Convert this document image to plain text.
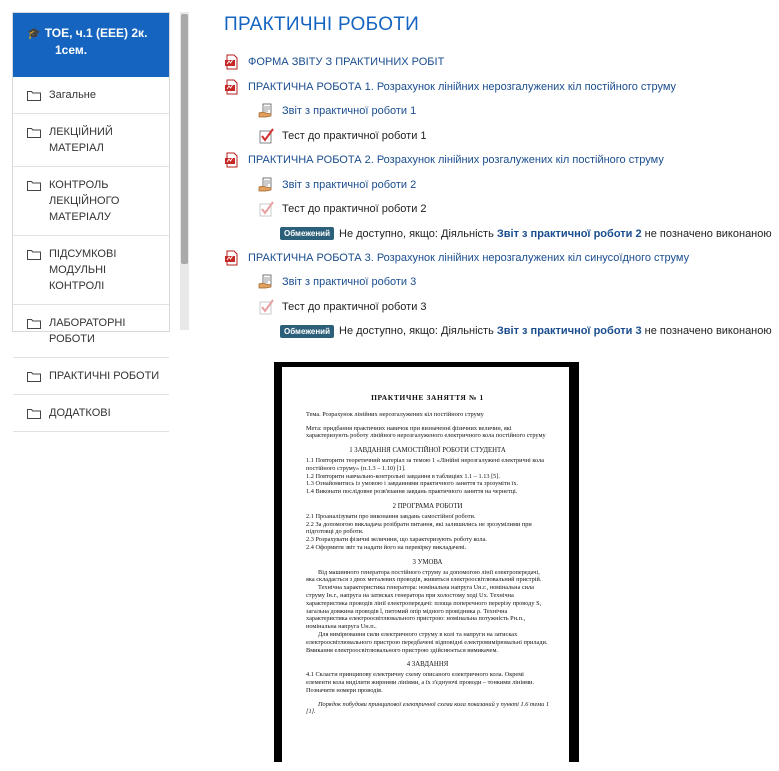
🎓 ТОЕ, ч.1 (ЕЕЕ) 2к.
1сем.
Загальне
ЛЕКЦІЙНИЙ МАТЕРІАЛ
КОНТРОЛЬ ЛЕКЦІЙНОГО МАТЕРІАЛУ
ПІДСУМКОВІ МОДУЛЬНІ КОНТРОЛІ
ЛАБОРАТОРНІ РОБОТИ
ПРАКТИЧНІ РОБОТИ
ДОДАТКОВІ
ПРАКТИЧНІ РОБОТИ
ФОРМА ЗВІТУ З ПРАКТИЧНИХ РОБІТ
ПРАКТИЧНА РОБОТА 1. Розрахунок лінійних нерозгалужених кіл постійного струму
Звіт з практичної роботи 1
Тест до практичної роботи 1
ПРАКТИЧНА РОБОТА 2. Розрахунок лінійних розгалужених кіл постійного струму
Звіт з практичної роботи 2
Тест до практичної роботи 2
Обмежений Не доступно, якщо: Діяльність
Звіт з практичної роботи 2
не позначено виконаною
ПРАКТИЧНА РОБОТА 3. Розрахунок лінійних нерозгалужених кіл синусоїдного струму
Звіт з практичної роботи 3
Тест до практичної роботи 3
Обмежений Не доступно, якщо: Діяльність
Звіт з практичної роботи 3
не позначено виконаною
ПРАКТИЧНЕ ЗАНЯТТЯ № 1

Тема. Розрахунок лінійних нерозгалужених кіл постійного струму

Мета: придбання практичних навичок при визначенні фізичних величин, які характеризують роботу лінійного нерозгалуженого електричного кола постійного струму

1 ЗАВДАННЯ САМОСТІЙНОЇ РОБОТИ СТУДЕНТА

1.1 Повторити теоретичний матеріал за темою 1 «Лінійні нерозгалужені електричні кола постійного струму» (п.1.3 – 1.10) [1].

1.2 Повторити навчально-контрольні завдання в таблиціях 1.1 – 1.13 [5].

1.3 Ознайомитись із умовою і завданнями практичного заняття та зрозуміти їх.

1.4 Виконати послідовне розв'язання завдань практичного заняття на чернетці.

2 ПРОГРАМА РОБОТИ

2.1 Проаналізувати про виконання завдань самостійної роботи.

2.2 За допомогою викладача розібрати питання, які залишились не зрозумілими при підготовці до роботи.

2.3 Розрахувати фізичні величини, що характеризують роботу кола.

2.4 Оформити звіт та надати його на перевірку викладачеві.

3 УМОВА

Від машинного генератора постійного струму за допомогою лінії електропередачі, яка складається з двох металевих проводів, живиться електроосвітлювальний пристрій.

Технічна характеристика генератора: номінальна напруга Uн.г., номінальна сила струму Iн.г., напруга на затисках генератора при холостому ході Uх. Технічна характеристика проводів лінії електропередачі: площа поперечного перерізу проводу S, загальна довжина проводів l, питомий опір мідного провідника ρ. Технічна характеристика електроосвітлювального пристрою: номінальна потужність Pн.п., номінальна напруга Uн.п..

Для вимірювання сили електричного струму в колі та напруги на затисках електроосвітлювального пристрою передбачені відповідні електровимірювальні прилади. Вмикання електроосвітлювального пристрою здійснюється вимикачем.

4 ЗАВДАННЯ

4.1 Скласти принципову електричну схему описаного електричного кола. Окремі елементи кола виділити жирними лініями, а їх з'єднуючі проводи – тонкими лініями. Позначити номери проводів.

Порядок побудови принципової електричної схеми кола показаний у пункті 1.6 теми 1 [1].
